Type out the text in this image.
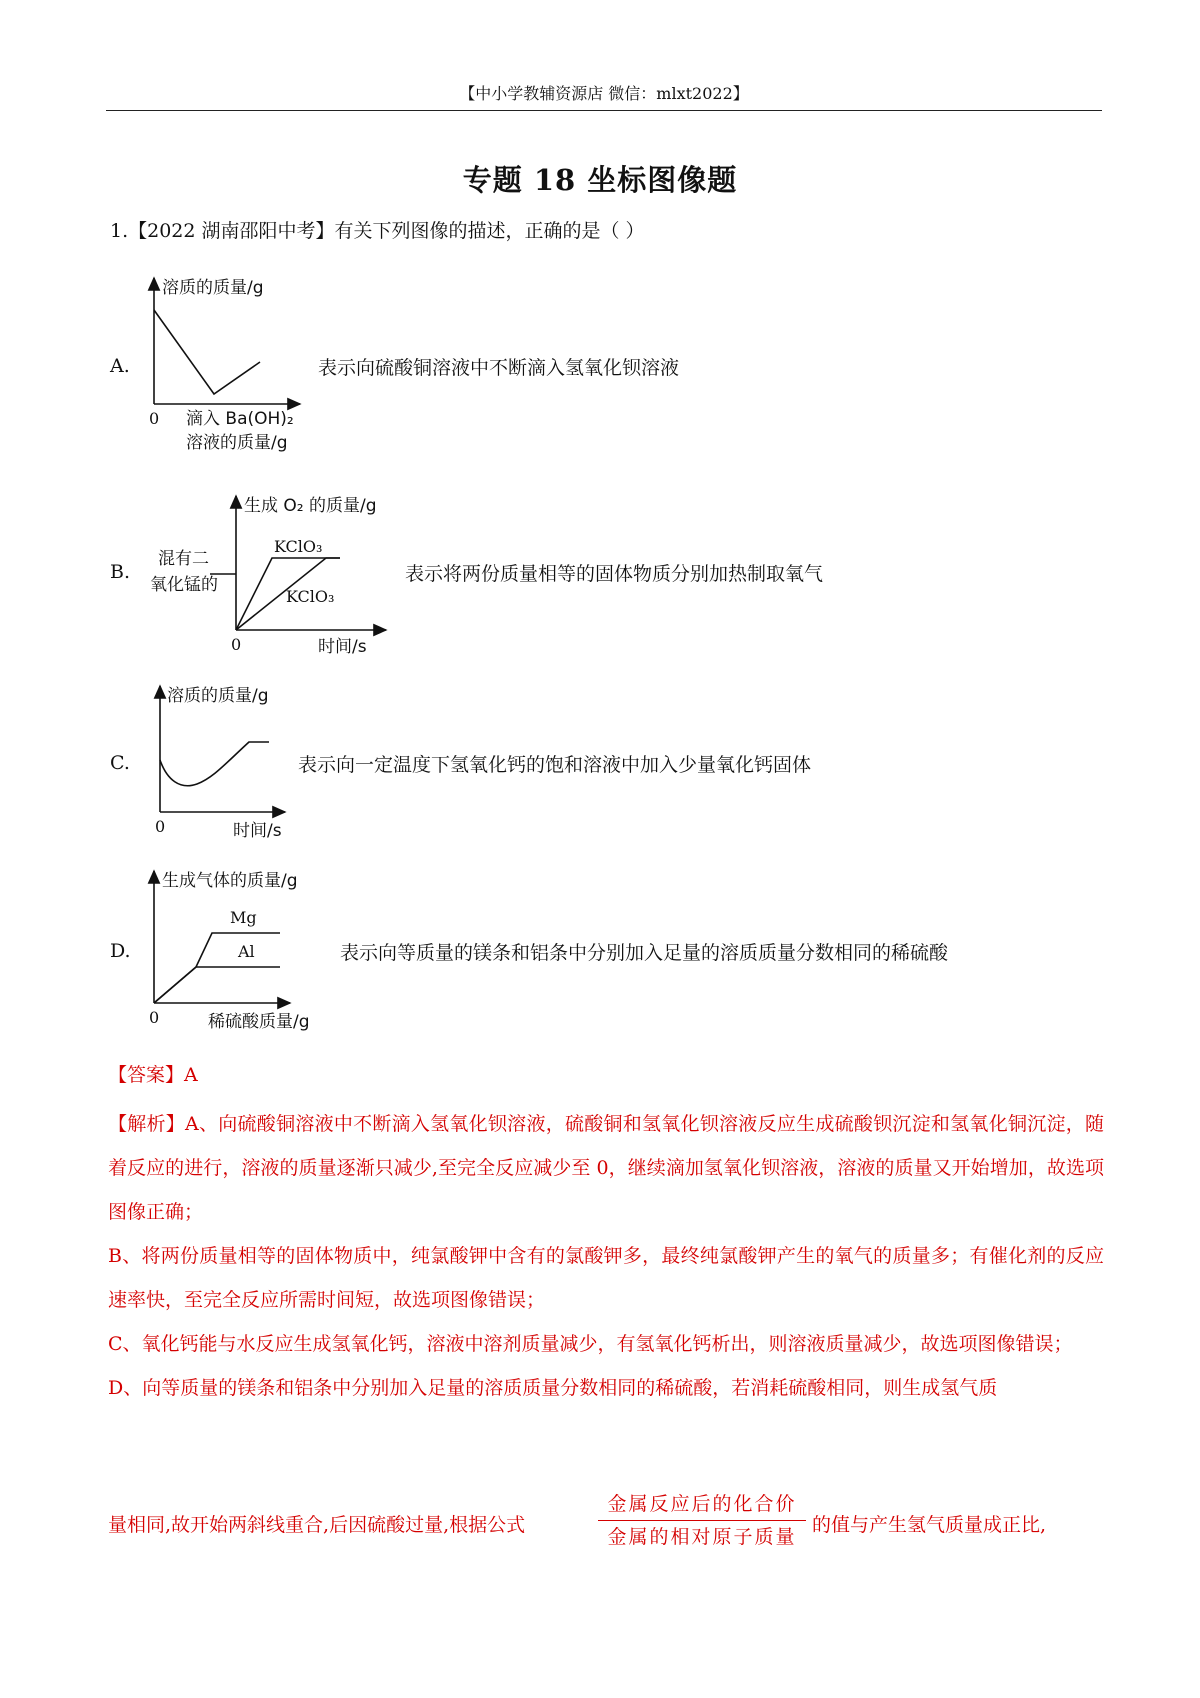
【中小学教辅资源店 微信：mlxt2022】
专题 18 坐标图像题
1.【2022 湖南邵阳中考】有关下列图像的描述，正确的是（ ）
A.	表示向硫酸铜溶液中不断滴入氢氧化钡溶液
溶质的质量/g
0 滴入 Ba(OH)₂
溶液的质量/g
B.	表示将两份质量相等的固体物质分别加热制取氧气
生成 O₂ 的质量/g
KClO₃
KClO₃
混有二
氧化锰的
0	时间/s
C.	表示向一定温度下氢氧化钙的饱和溶液中加入少量氧化钙固体
溶质的质量/g
0	时间/s
D.	表示向等质量的镁条和铝条中分别加入足量的溶质质量分数相同的稀硫酸
生成气体的质量/g
Mg
Al
0	稀硫酸质量/g
【答案】A

【解析】A、向硫酸铜溶液中不断滴入氢氧化钡溶液，硫酸铜和氢氧化钡溶液反应生成硫酸钡沉淀和氢氧化铜沉淀，随着反应的进行，溶液的质量逐渐只减少,至完全反应减少至 0，继续滴加氢氧化钡溶液，溶液的质量又开始增加，故选项图像正确；

B、将两份质量相等的固体物质中，纯氯酸钾中含有的氯酸钾多，最终纯氯酸钾产生的氧气的质量多；有催化剂的反应速率快，至完全反应所需时间短，故选项图像错误；

C、氧化钙能与水反应生成氢氧化钙，溶液中溶剂质量减少，有氢氧化钙析出，则溶液质量减少，故选项图像错误；

D、向等质量的镁条和铝条中分别加入足量的溶质质量分数相同的稀硫酸，若消耗硫酸相同，则生成氢气质

量相同,故开始两斜线重合,后因硫酸过量,根据公式
金属反应后的化合价
金属的相对原子质量
的值与产生氢气质量成正比,
